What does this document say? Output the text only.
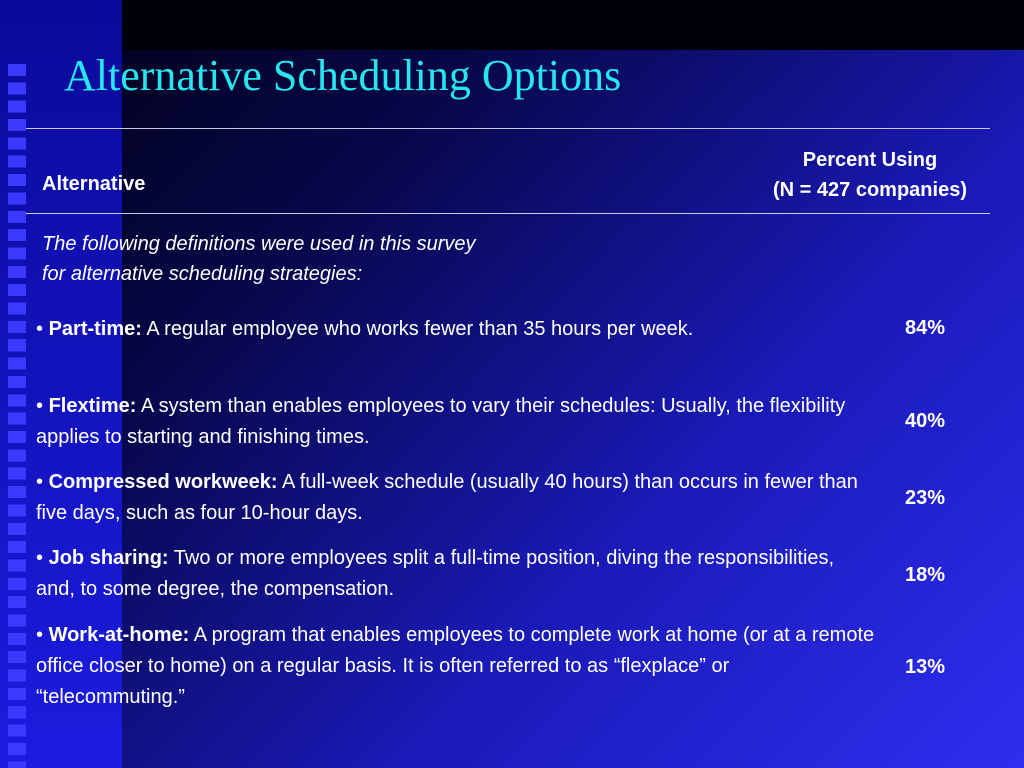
Alternative Scheduling Options
Alternative
Percent Using
(N = 427 companies)
The following definitions were used in this survey
for alternative scheduling strategies:
• Part-time: A regular employee who works fewer than 35 hours per week.	84%
• Flextime: A system than enables employees to vary their schedules: Usually, the flexibility applies to starting and finishing times.
40%
• Compressed workweek: A full-week schedule (usually 40 hours) than occurs in fewer than five days, such as four 10-hour days.
23%
• Job sharing: Two or more employees split a full-time position, diving the responsibilities, and, to some degree, the compensation.
18%
• Work-at-home: A program that enables employees to complete work at home (or at a remote office closer to home) on a regular basis. It is often referred to as “flexplace” or “telecommuting.”
13%
